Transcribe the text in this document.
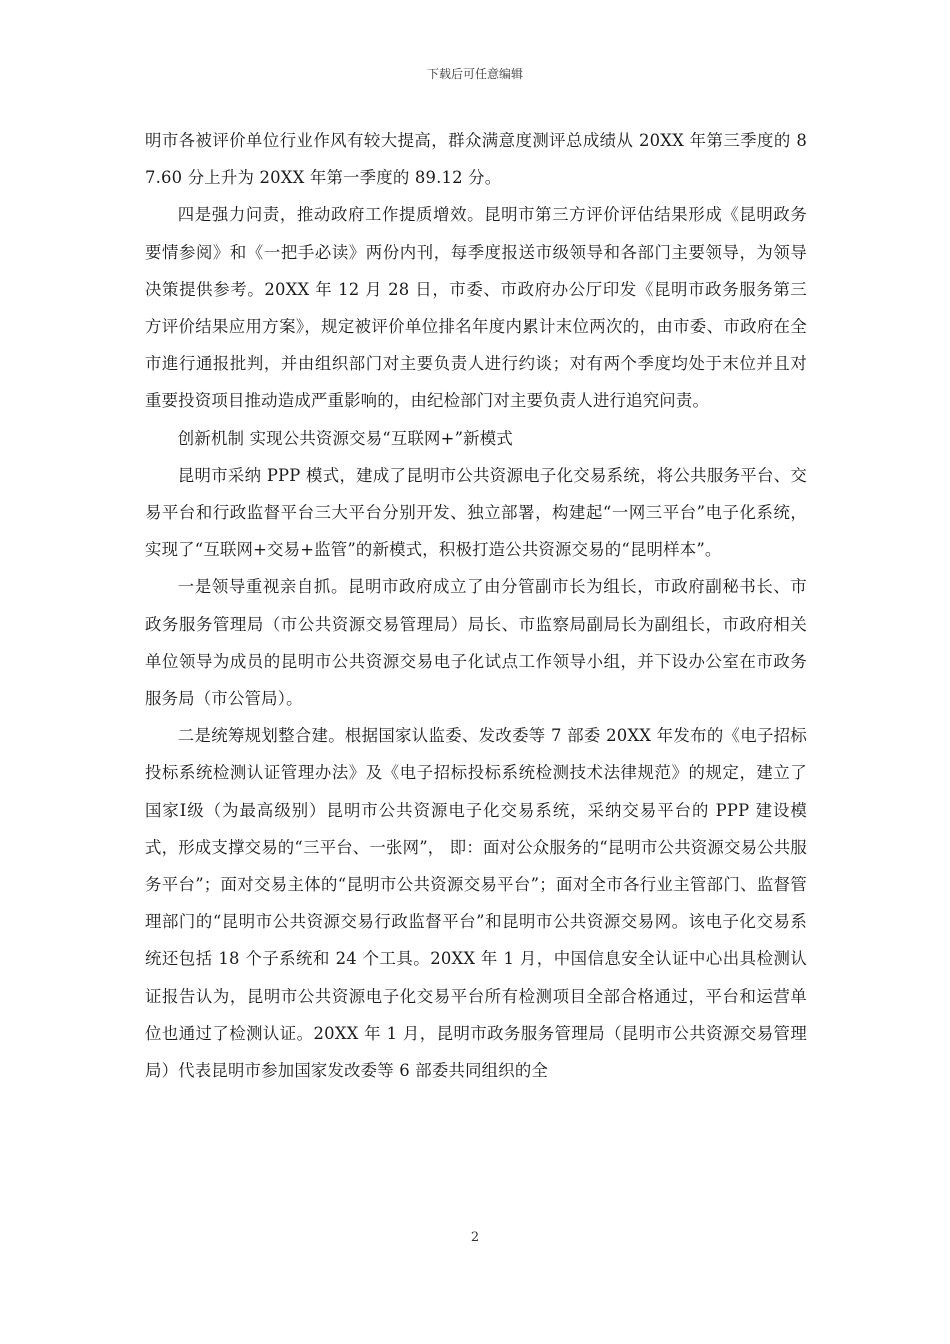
下载后可任意编辑

明市各被评价单位行业作风有较大提高，群众满意度测评总成绩从 20XX 年第三季度的 87.60 分上升为 20XX 年第一季度的 89.12 分。

四是强力问责，推动政府工作提质增效。昆明市第三方评价评估结果形成《昆明政务要情参阅》和《一把手必读》两份内刊，每季度报送市级领导和各部门主要领导，为领导决策提供参考。20XX 年 12 月 28 日，市委、市政府办公厅印发《昆明市政务服务第三方评价结果应用方案》，规定被评价单位排名年度内累计末位两次的，由市委、市政府在全市進行通报批判，并由组织部门对主要负责人进行约谈；对有两个季度均处于末位并且对重要投资项目推动造成严重影响的，由纪检部门对主要负责人进行追究问责。

创新机制 实现公共资源交易“互联网+”新模式

昆明市采纳 PPP 模式，建成了昆明市公共资源电子化交易系统，将公共服务平台、交易平台和行政监督平台三大平台分别开发、独立部署，构建起“一网三平台”电子化系统，实现了“互联网+交易+监管”的新模式，积极打造公共资源交易的“昆明样本”。

一是领导重视亲自抓。昆明市政府成立了由分管副市长为组长，市政府副秘书长、市政务服务管理局（市公共资源交易管理局）局长、市监察局副局长为副组长，市政府相关单位领导为成员的昆明市公共资源交易电子化试点工作领导小组，并下设办公室在市政务服务局（市公管局）。

二是统筹规划整合建。根据国家认监委、发改委等 7 部委 20XX 年发布的《电子招标投标系统检测认证管理办法》及《电子招标投标系统检测技术法律规范》的规定，建立了国家Ⅰ级（为最高级别）昆明市公共资源电子化交易系统，采纳交易平台的 PPP 建设模式，形成支撑交易的“三平台、一张网”， 即：面对公众服务的“昆明市公共资源交易公共服务平台”；面对交易主体的“昆明市公共资源交易平台”；面对全市各行业主管部门、监督管理部门的“昆明市公共资源交易行政监督平台”和昆明市公共资源交易网。该电子化交易系统还包括 18 个子系统和 24 个工具。20XX 年 1 月，中国信息安全认证中心出具检测认证报告认为，昆明市公共资源电子化交易平台所有检测项目全部合格通过，平台和运营单位也通过了检测认证。20XX 年 1 月，昆明市政务服务管理局（昆明市公共资源交易管理局）代表昆明市参加国家发改委等 6 部委共同组织的全

2
